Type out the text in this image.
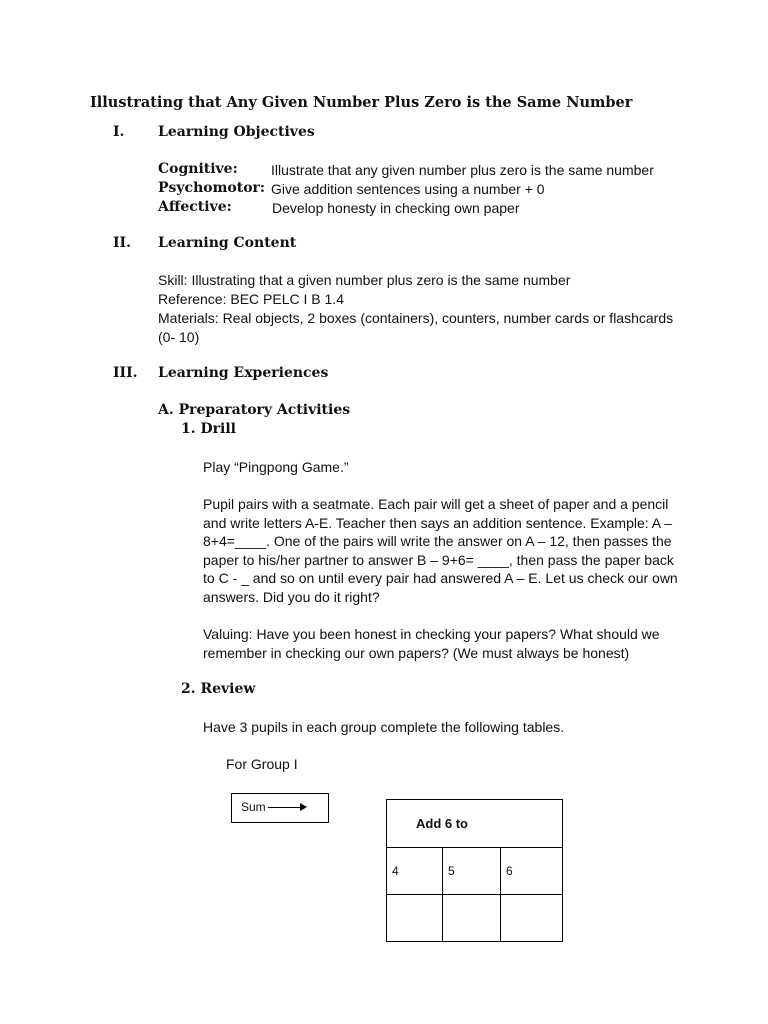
Illustrating that Any Given Number Plus Zero is the Same Number
I. Learning Objectives
Cognitive: Illustrate that any given number plus zero is the same number
Psychomotor: Give addition sentences using a number + 0
Affective:	Develop honesty in checking own paper
II. Learning Content
Skill: Illustrating that a given number plus zero is the same number
Reference: BEC PELC I B 1.4
Materials: Real objects, 2 boxes (containers), counters, number cards or flashcards
(0- 10)
III. Learning Experiences
A. Preparatory Activities
1. Drill
Play “Pingpong Game.”
Pupil pairs with a seatmate. Each pair will get a sheet of paper and a pencil
and write letters A-E. Teacher then says an addition sentence. Example: A –
8+4=____. One of the pairs will write the answer on A – 12, then passes the
paper to his/her partner to answer B – 9+6= ____, then pass the paper back
to C - _ and so on until every pair had answered A – E. Let us check our own
answers. Did you do it right?
Valuing: Have you been honest in checking your papers? What should we
remember in checking our own papers? (We must always be honest)
2. Review
Have 3 pupils in each group complete the following tables.
For Group I
Sum
Add 6 to		
4	5	6
